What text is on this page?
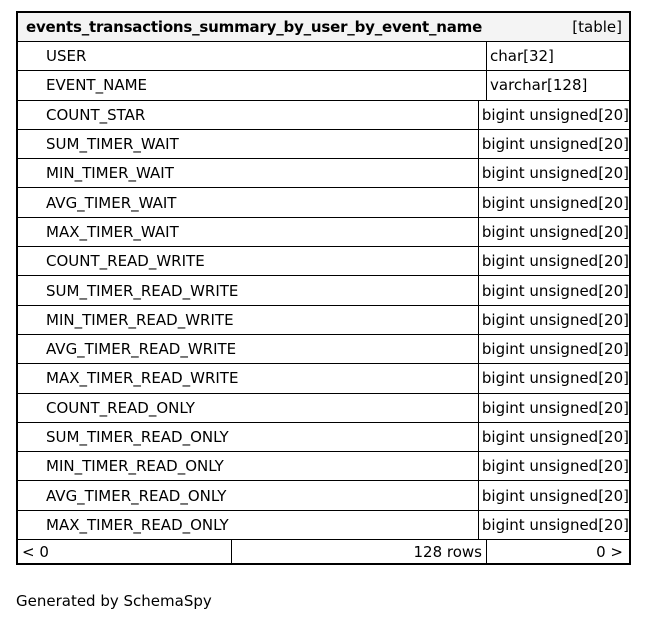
events_transactions_summary_by_user_by_event_name	[table]
USER	char[32]
EVENT_NAME	varchar[128]
COUNT_STAR	bigint unsigned[20]
SUM_TIMER_WAIT	bigint unsigned[20]
MIN_TIMER_WAIT	bigint unsigned[20]
AVG_TIMER_WAIT	bigint unsigned[20]
MAX_TIMER_WAIT	bigint unsigned[20]
COUNT_READ_WRITE	bigint unsigned[20]
SUM_TIMER_READ_WRITE	bigint unsigned[20]
MIN_TIMER_READ_WRITE	bigint unsigned[20]
AVG_TIMER_READ_WRITE	bigint unsigned[20]
MAX_TIMER_READ_WRITE	bigint unsigned[20]
COUNT_READ_ONLY	bigint unsigned[20]
SUM_TIMER_READ_ONLY	bigint unsigned[20]
MIN_TIMER_READ_ONLY	bigint unsigned[20]
AVG_TIMER_READ_ONLY	bigint unsigned[20]
MAX_TIMER_READ_ONLY	bigint unsigned[20]
< 0	128 rows	0 >
Generated by SchemaSpy
